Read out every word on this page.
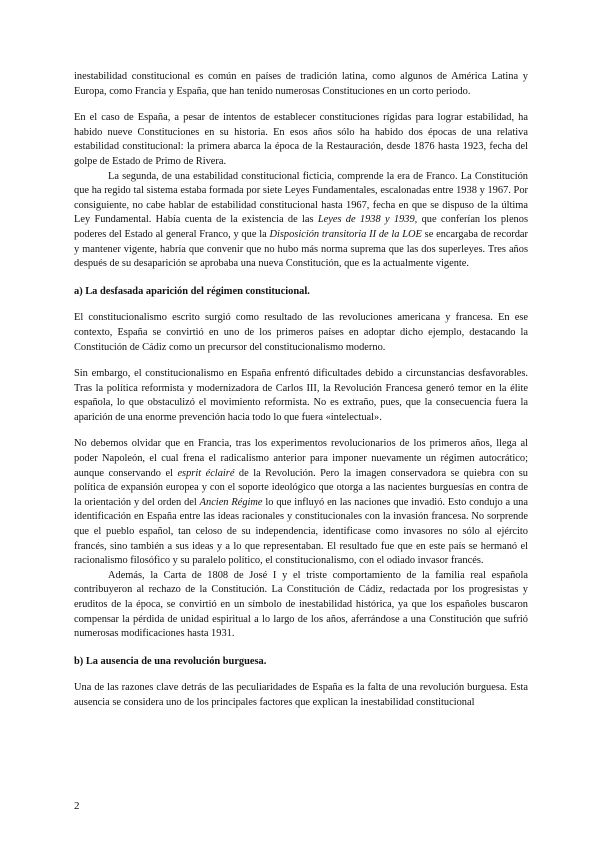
inestabilidad constitucional es común en países de tradición latina, como algunos de América Latina y Europa, como Francia y España, que han tenido numerosas Constituciones en un corto periodo.

En el caso de España, a pesar de intentos de establecer constituciones rígidas para lograr estabilidad, ha habido nueve Constituciones en su historia. En esos años sólo ha habido dos épocas de una relativa estabilidad constitucional: la primera abarca la época de la Restauración, desde 1876 hasta 1923, fecha del golpe de Estado de Primo de Rivera.

La segunda, de una estabilidad constitucional ficticia, comprende la era de Franco. La Constitución que ha regido tal sistema estaba formada por siete Leyes Fundamentales, escalonadas entre 1938 y 1967. Por consiguiente, no cabe hablar de estabilidad constitucional hasta 1967, fecha en que se dispuso de la última Ley Fundamental. Había cuenta de la existencia de las Leyes de 1938 y 1939, que conferían los plenos poderes del Estado al general Franco, y que la Disposición transitoria II de la LOE se encargaba de recordar y mantener vigente, habría que convenir que no hubo más norma suprema que las dos superleyes. Tres años después de su desaparición se aprobaba una nueva Constitución, que es la actualmente vigente.

a) La desfasada aparición del régimen constitucional.

El constitucionalismo escrito surgió como resultado de las revoluciones americana y francesa. En ese contexto, España se convirtió en uno de los primeros países en adoptar dicho ejemplo, destacando la Constitución de Cádiz como un precursor del constitucionalismo moderno.

Sin embargo, el constitucionalismo en España enfrentó dificultades debido a circunstancias desfavorables. Tras la política reformista y modernizadora de Carlos III, la Revolución Francesa generó temor en la élite española, lo que obstaculizó el movimiento reformista. No es extraño, pues, que la consecuencia fuera la aparición de una enorme prevención hacia todo lo que fuera «intelectual».

No debemos olvidar que en Francia, tras los experimentos revolucionarios de los primeros años, llega al poder Napoleón, el cual frena el radicalismo anterior para imponer nuevamente un régimen autocrático; aunque conservando el esprit éclairé de la Revolución. Pero la imagen conservadora se quiebra con su política de expansión europea y con el soporte ideológico que otorga a las nacientes burguesías en contra de la orientación y del orden del Ancien Régime lo que influyó en las naciones que invadió. Esto condujo a una identificación en España entre las ideas racionales y constitucionales con la invasión francesa. No sorprende que el pueblo español, tan celoso de su independencia, identificase como invasores no sólo al ejército francés, sino también a sus ideas y a lo que representaban. El resultado fue que en este país se hermanó el racionalismo filosófico y su paralelo político, el constitucionalismo, con el odiado invasor francés.

Además, la Carta de 1808 de José I y el triste comportamiento de la familia real española contribuyeron al rechazo de la Constitución. La Constitución de Cádiz, redactada por los progresistas y eruditos de la época, se convirtió en un símbolo de inestabilidad histórica, ya que los españoles buscaron compensar la pérdida de unidad espiritual a lo largo de los años, aferrándose a una Constitución que sufrió numerosas modificaciones hasta 1931.

b) La ausencia de una revolución burguesa.

Una de las razones clave detrás de las peculiaridades de España es la falta de una revolución burguesa. Esta ausencia se considera uno de los principales factores que explican la inestabilidad constitucional

2
